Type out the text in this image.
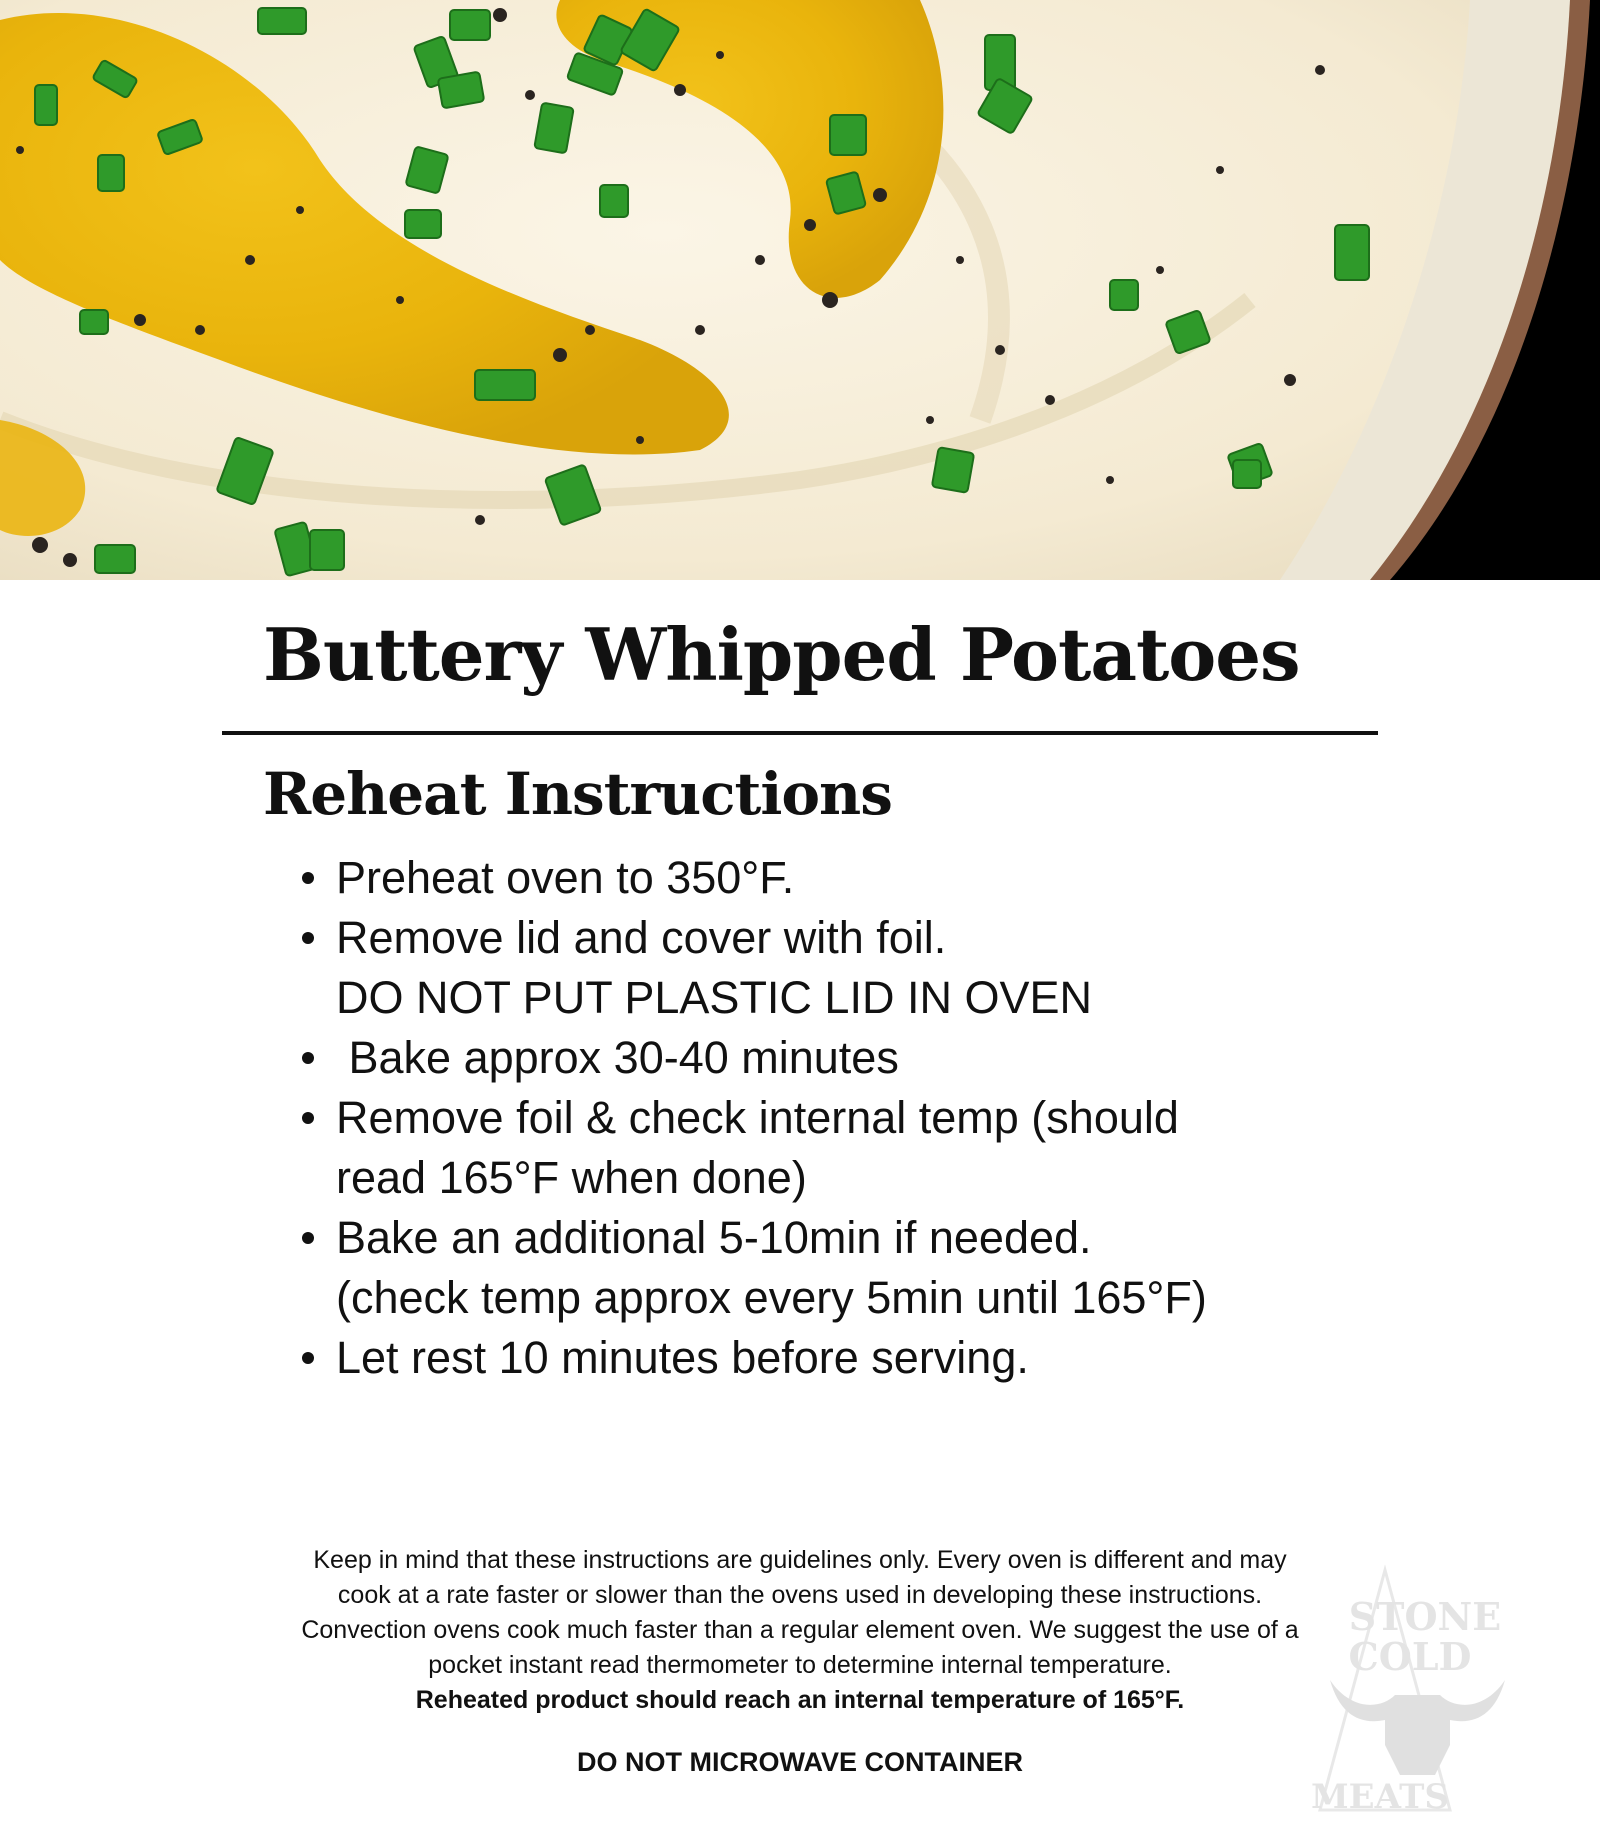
Buttery Whipped Potatoes
Reheat Instructions
Preheat oven to 350°F.
Remove lid and cover with foil.
DO NOT PUT PLASTIC LID IN OVEN
Bake approx 30-40 minutes
Remove foil & check internal temp (should
read 165°F when done)
Bake an additional 5-10min if needed.
(check temp approx every 5min until 165°F)
Let rest 10 minutes before serving.
Keep in mind that these instructions are guidelines only. Every oven is different and may
cook at a rate faster or slower than the ovens used in developing these instructions.
Convection ovens cook much faster than a regular element oven. We suggest the use of a
pocket instant read thermometer to determine internal temperature.
Reheated product should reach an internal temperature of 165°F.
DO NOT MICROWAVE CONTAINER
STONE
COLD
MEATS
